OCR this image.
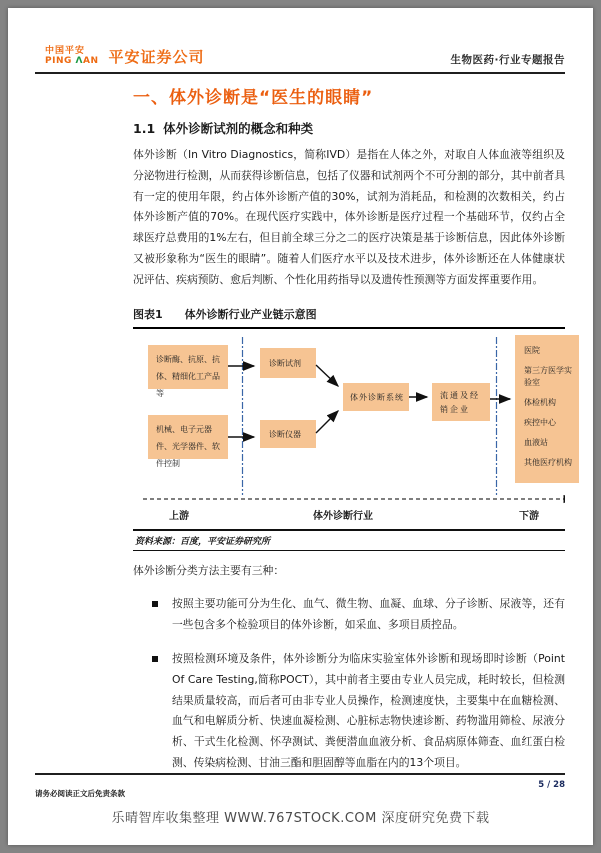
中国平安
PING ΛAN 平安证券公司	生物医药·行业专题报告
一、体外诊断是“医生的眼睛”
1.1 体外诊断试剂的概念和种类

体外诊断（In Vitro Diagnostics，简称IVD）是指在人体之外，对取自人体血液等组织及分泌物进行检测，从而获得诊断信息，包括了仪器和试剂两个不可分割的部分，其中前者具有一定的使用年限，约占体外诊断产值的30%，试剂为消耗品，和检测的次数相关，约占体外诊断产值的70%。在现代医疗实践中，体外诊断是医疗过程一个基础环节，仅约占全球医疗总费用的1%左右，但目前全球三分之二的医疗决策是基于诊断信息，因此体外诊断又被形象称为“医生的眼睛”。随着人们医疗水平以及技术进步，体外诊断还在人体健康状况评估、疾病预防、愈后判断、个性化用药指导以及遗传性预测等方面发挥重要作用。

图表1 体外诊断行业产业链示意图
诊断酶、抗原、抗体、精细化工产品等
机械、电子元器件、光学器件、软件控制
诊断试剂
诊断仪器
体外诊断系统	流通及经销企业
医院
第三方医学实验室
体检机构
疾控中心
血液站
其他医疗机构
上游	体外诊断行业	下游
资料来源：百度，平安证券研究所

体外诊断分类方法主要有三种：

按照主要功能可分为生化、血气、微生物、血凝、血球、分子诊断、尿液等，还有一些包含多个检验项目的体外诊断，如采血、多项目质控品。
按照检测环境及条件，体外诊断分为临床实验室体外诊断和现场即时诊断（Point Of Care Testing,简称POCT），其中前者主要由专业人员完成，耗时较长，但检测结果质量较高，而后者可由非专业人员操作，检测速度快，主要集中在血糖检测、血气和电解质分析、快速血凝检测、心脏标志物快速诊断、药物滥用筛检、尿液分析、干式生化检测、怀孕测试、粪便潜血血液分析、食品病原体筛查、血红蛋白检测、传染病检测、甘油三酯和胆固醇等血脂在内的13个项目。
请务必阅读正文后免责条款
5 / 28
乐晴智库收集整理 WWW.767STOCK.COM 深度研究免费下载
